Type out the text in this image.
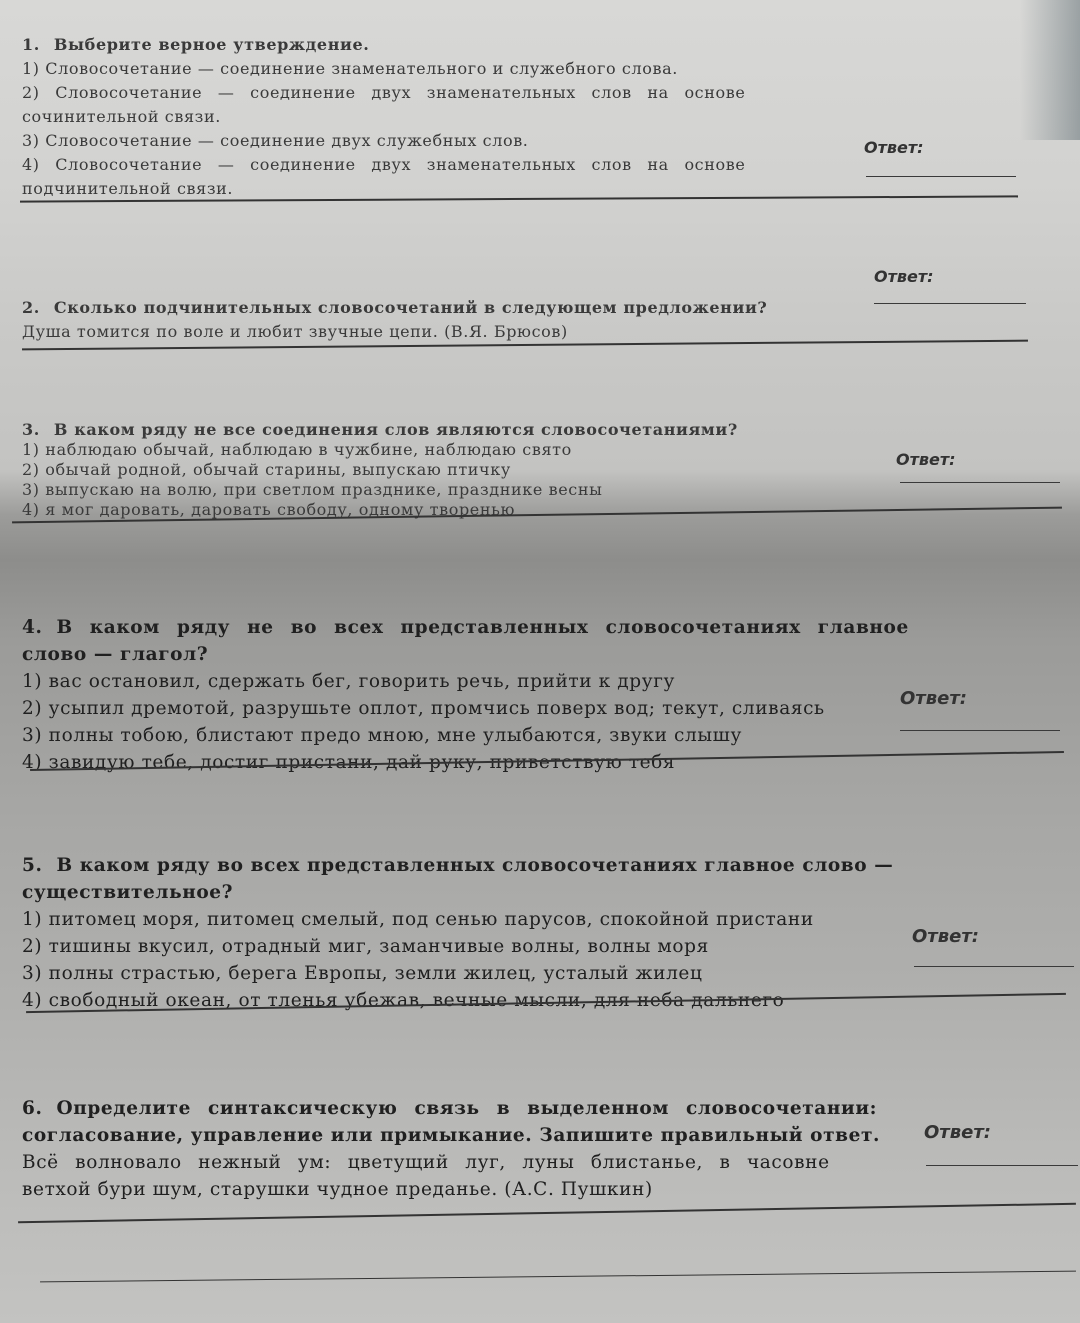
1. Выберите верное утверждение.
1) Словосочетание — соединение знаменательного и служебного слова.
2) Словосочетание — соединение двух знаменательных слов на основе
сочинительной связи.
3) Словосочетание — соединение двух служебных слов.
4) Словосочетание — соединение двух знаменательных слов на основе
подчинительной связи.
Ответ:
2. Сколько подчинительных словосочетаний в следующем предложении?
Душа томится по воле и любит звучные цепи. (В.Я. Брюсов)
Ответ:
3. В каком ряду не все соединения слов являются словосочетаниями?
1) наблюдаю обычай, наблюдаю в чужбине, наблюдаю свято
2) обычай родной, обычай старины, выпускаю птичку
3) выпускаю на волю, при светлом празднике, празднике весны
4) я мог даровать, даровать свободу, одному творенью
Ответ:
4. В каком ряду не во всех представленных словосочетаниях главное
слово — глагол?
1) вас остановил, сдержать бег, говорить речь, прийти к другу
2) усыпил дремотой, разрушьте оплот, промчись поверх вод; текут, сливаясь
3) полны тобою, блистают предо мною, мне улыбаются, звуки слышу
4) завидую тебе, достиг пристани, дай руку, приветствую тебя
Ответ:
5. В каком ряду во всех представленных словосочетаниях главное слово —
существительное?
1) питомец моря, питомец смелый, под сенью парусов, спокойной пристани
2) тишины вкусил, отрадный миг, заманчивые волны, волны моря
3) полны страстью, берега Европы, земли жилец, усталый жилец
4) свободный океан, от тленья убежав, вечные мысли, для неба дальнего
Ответ:
6. Определите синтаксическую связь в выделенном словосочетании:
согласование, управление или примыкание. Запишите правильный ответ.
Всё волновало нежный ум: цветущий луг, луны блистанье, в часовне
ветхой бури шум, старушки чудное преданье. (А.С. Пушкин)
Ответ:
